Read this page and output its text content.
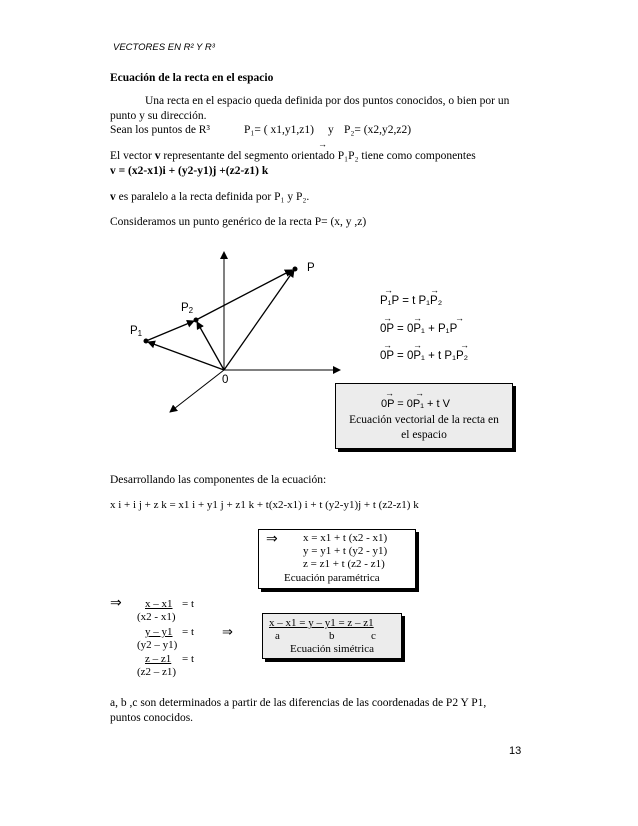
VECTORES EN R² Y R³
Ecuación de la recta en el espacio
Una recta en el espacio queda definida por dos puntos conocidos, o bien por un
punto y su dirección.
Sean los puntos de R³	P₁= ( x1,y1,z1) y P₂= (x2,y2,z2)
→
El vector v representante del segmento orientado P₁P₂ tiene como componentes
v = (x2-x1)i + (y2-y1)j +(z2-z1) k
v es paralelo a la recta definida por P₁ y P₂.
Consideramos un punto genérico de la recta P= (x, y ,z)
P
$P_2$
$P_1$
0
→	→
P₁P = t P₁P₂
→ →	→
0P = 0P₁ + P₁P
→ →	→
0P = 0P₁ + t P₁P₂
→ →
0P = 0P₁ + t V
Ecuación vectorial de la recta en
el espacio
Desarrollando las componentes de la ecuación:
x i + i j + z k = x1 i + y1 j + z1 k + t(x2-x1) i + t (y2-y1)j + t (z2-z1) k
⇒ x = x1 + t (x2 - x1)
y = y1 + t (y2 - y1)
z = z1 + t (z2 - z1)
Ecuación paramétrica
⇒ x – x1 = t
(x2 - x1)
y – y1 = t ⇒
(y2 – y1)
z – z1 = t
(z2 – z1)
x – x1 = y – y1 = z – z1
a	b	c
Ecuación simétrica
a, b ,c son determinados a partir de las diferencias de las coordenadas de P2 Y P1,
puntos conocidos.
13
